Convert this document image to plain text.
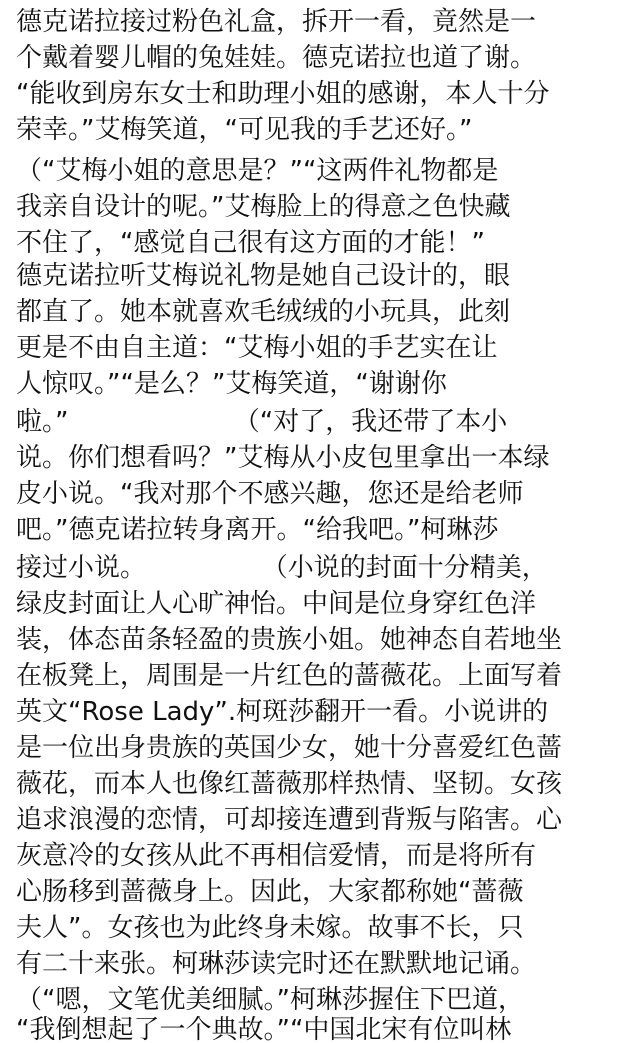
德克诺拉接过粉色礼盒，拆开一看，竟然是一
个戴着婴儿帽的兔娃娃。德克诺拉也道了谢。
“能收到房东女士和助理小姐的感谢，本人十分
荣幸。”艾梅笑道，“可见我的手艺还好。”
（“艾梅小姐的意思是？”“这两件礼物都是
我亲自设计的呢。”艾梅脸上的得意之色快藏
不住了，“感觉自己很有这方面的才能！”
德克诺拉听艾梅说礼物是她自己设计的，眼
都直了。她本就喜欢毛绒绒的小玩具，此刻
更是不由自主道：“艾梅小姐的手艺实在让
人惊叹。”“是么？”艾梅笑道，“谢谢你
啦。”                    （“对了，我还带了本小
说。你们想看吗？”艾梅从小皮包里拿出一本绿
皮小说。“我对那个不感兴趣，您还是给老师
吧。”德克诺拉转身离开。“给我吧。”柯琳莎
接过小说。              （小说的封面十分精美，
绿皮封面让人心旷神怡。中间是位身穿红色洋
装，体态苗条轻盈的贵族小姐。她神态自若地坐
在板凳上，周围是一片红色的蔷薇花。上面写着
英文“Rose Lady”.柯斑莎翻开一看。小说讲的
是一位出身贵族的英国少女，她十分喜爱红色蔷
薇花，而本人也像红蔷薇那样热情、坚韧。女孩
追求浪漫的恋情，可却接连遭到背叛与陷害。心
灰意冷的女孩从此不再相信爱情，而是将所有
心肠移到蔷薇身上。因此，大家都称她“蔷薇
夫人”。女孩也为此终身未嫁。故事不长，只
有二十来张。柯琳莎读完时还在默默地记诵。
（“嗯，文笔优美细腻。”柯琳莎握住下巴道，
“我倒想起了一个典故。”“中国北宋有位叫林
